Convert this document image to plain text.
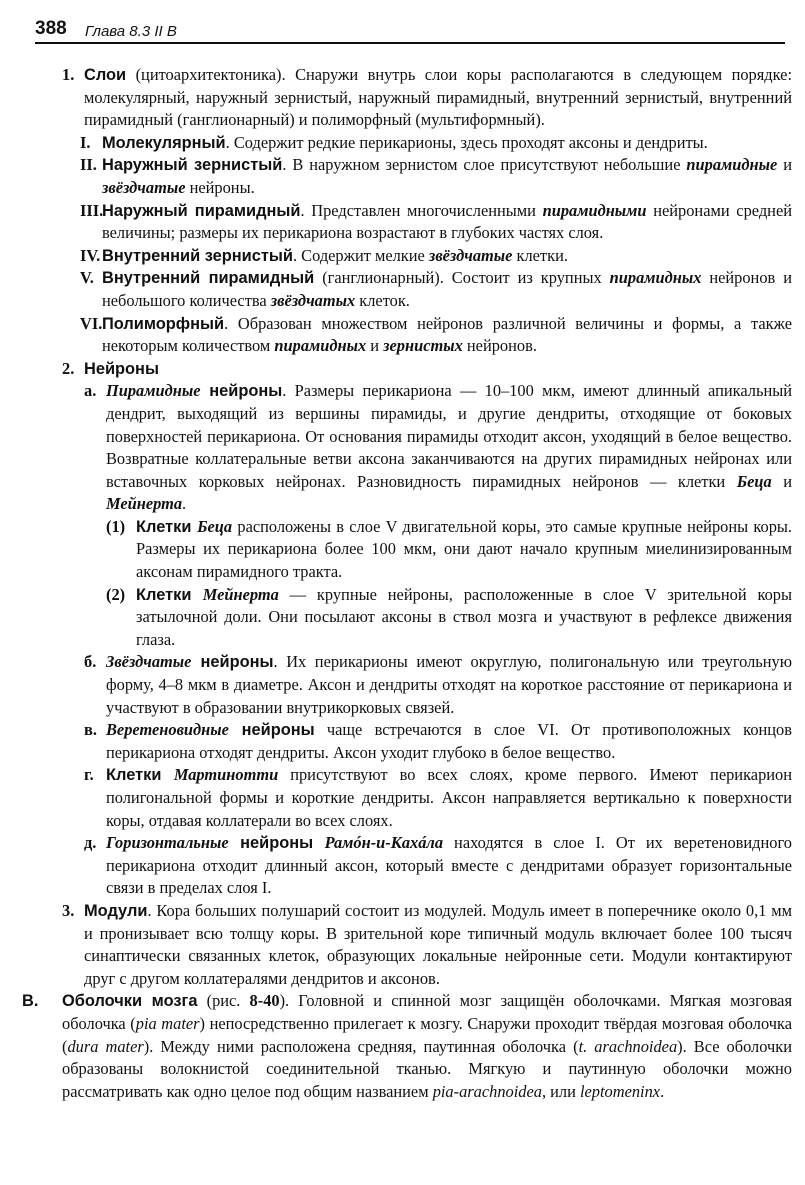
388 Глава 8.3 II B

1. Слои (цитоархитектоника). Снаружи внутрь слои коры располагаются в следующем порядке: молекулярный, наружный зернистый, наружный пирамидный, внутренний зернистый, внутренний пирамидный (ганглионарный) и полиморфный (мультиформный).

I. Молекулярный. Содержит редкие перикарионы, здесь проходят аксоны и дендриты.

II. Наружный зернистый. В наружном зернистом слое присутствуют небольшие пирамидные и звёздчатые нейроны.

III.
Наружный пирамидный. Представлен многочисленными пирамидными нейронами средней величины; размеры их перикариона возрастают в глубоких частях слоя.

IV. Внутренний зернистый. Содержит мелкие звёздчатые клетки.

V. Внутренний пирамидный (ганглионарный). Состоит из крупных пирамидных нейронов и небольшого количества звёздчатых клеток.

VI. Полиморфный. Образован множеством нейронов различной величины и формы, а также некоторым количеством пирамидных и зернистых нейронов.

2. Нейроны

а. Пирамидные нейроны. Размеры перикариона — 10–100 мкм, имеют длинный апикальный дендрит, выходящий из вершины пирамиды, и другие дендриты, отходящие от боковых поверхностей перикариона. От основания пирамиды отходит аксон, уходящий в белое вещество. Возвратные коллатеральные ветви аксона заканчиваются на других пирамидных нейронах или вставочных корковых нейронах. Разновидность пирамидных нейронов — клетки Беца и Мейнерта.

(1) Клетки Беца расположены в слое V двигательной коры, это самые крупные нейроны коры. Размеры их перикариона более 100 мкм, они дают начало крупным миелинизированным аксонам пирамидного тракта.

(2) Клетки Мейнерта — крупные нейроны, расположенные в слое V зрительной коры затылочной доли. Они посылают аксоны в ствол мозга и участвуют в рефлексе движения глаза.

б. Звёздчатые нейроны. Их перикарионы имеют округлую, полигональную или треугольную форму, 4–8 мкм в диаметре. Аксон и дендриты отходят на короткое расстояние от перикариона и участвуют в образовании внутрикорковых связей.

в. Веретеновидные нейроны чаще встречаются в слое VI. От противоположных концов перикариона отходят дендриты. Аксон уходит глубоко в белое вещество.

г. Клетки Мартинотти присутствуют во всех слоях, кроме первого. Имеют перикарион полигональной формы и короткие дендриты. Аксон направляется вертикально к поверхности коры, отдавая коллатерали во всех слоях.

д. Горизонтальные нейроны Рамóн-и-Кахáла находятся в слое I. От их веретеновидного перикариона отходит длинный аксон, который вместе с дендритами образует горизонтальные связи в пределах слоя I.

3. Модули. Кора больших полушарий состоит из модулей. Модуль имеет в поперечнике около 0,1 мм и пронизывает всю толщу коры. В зрительной коре типичный модуль включает более 100 тысяч синаптически связанных клеток, образующих локальные нейронные сети. Модули контактируют друг с другом коллатералями дендритов и аксонов.

B. Оболочки мозга (рис. 8-40). Головной и спинной мозг защищён оболочками. Мягкая мозговая оболочка (pia mater) непосредственно прилегает к мозгу. Снаружи проходит твёрдая мозговая оболочка (dura mater). Между ними расположена средняя, паутинная оболочка (t. arachnoidea). Все оболочки образованы волокнистой соединительной тканью. Мягкую и паутинную оболочки можно рассматривать как одно целое под общим названием pia-arachnoidea, или leptomeninx.
